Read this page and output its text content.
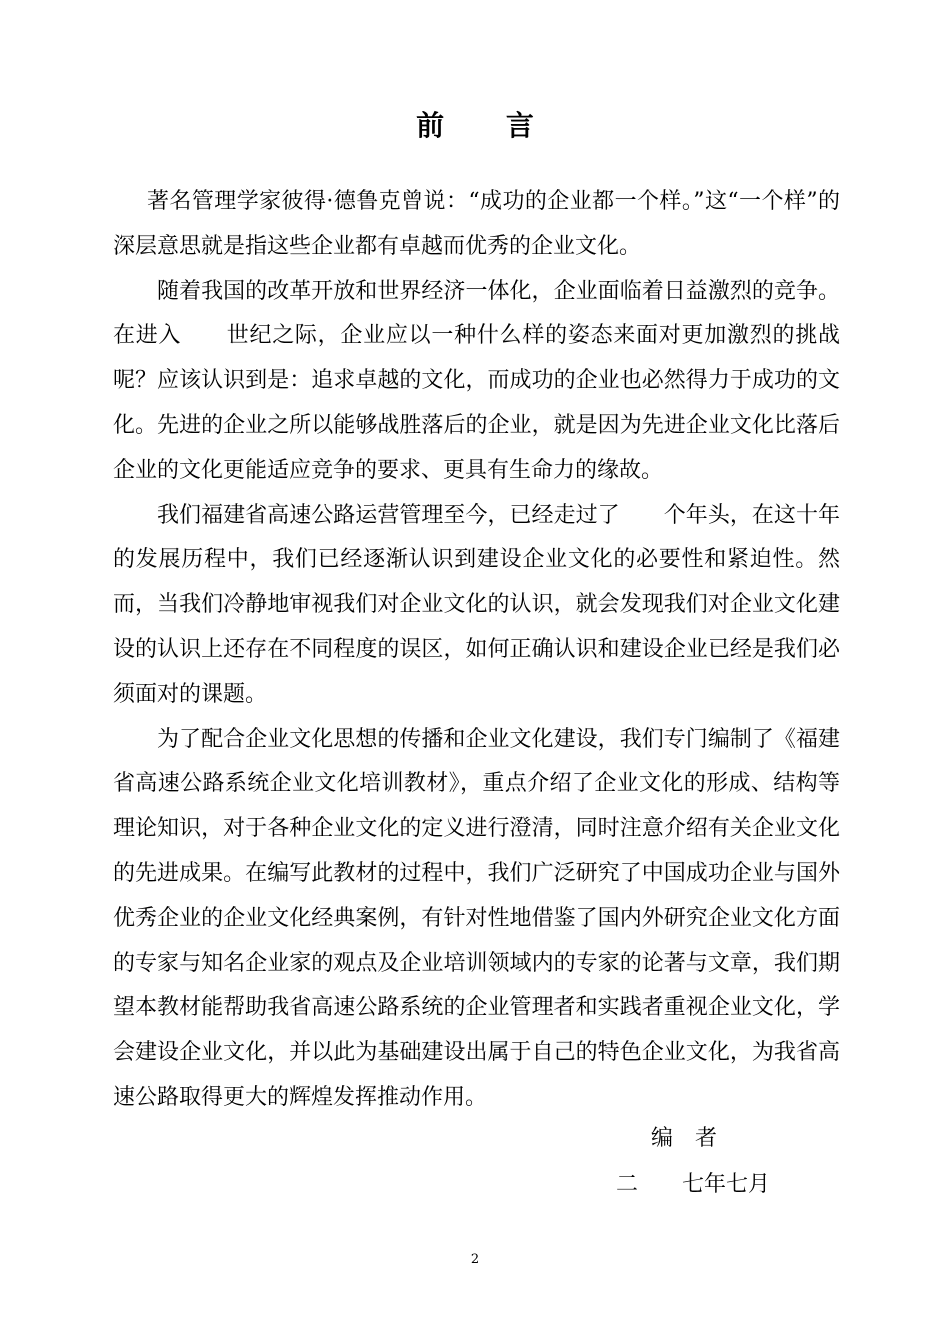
前 言

著名管理学家彼得·德鲁克曾说：“成功的企业都一个样。”这“一个样”的深层意思就是指这些企业都有卓越而优秀的企业文化。

随着我国的改革开放和世界经济一体化，企业面临着日益激烈的竞争。在进入　　世纪之际，企业应以一种什么样的姿态来面对更加激烈的挑战呢？应该认识到是：追求卓越的文化，而成功的企业也必然得力于成功的文化。先进的企业之所以能够战胜落后的企业，就是因为先进企业文化比落后企业的文化更能适应竞争的要求、更具有生命力的缘故。

我们福建省高速公路运营管理至今，已经走过了　　个年头，在这十年的发展历程中，我们已经逐渐认识到建设企业文化的必要性和紧迫性。然而，当我们冷静地审视我们对企业文化的认识，就会发现我们对企业文化建设的认识上还存在不同程度的误区，如何正确认识和建设企业已经是我们必须面对的课题。

为了配合企业文化思想的传播和企业文化建设，我们专门编制了《福建省高速公路系统企业文化培训教材》，重点介绍了企业文化的形成、结构等理论知识，对于各种企业文化的定义进行澄清，同时注意介绍有关企业文化的先进成果。在编写此教材的过程中，我们广泛研究了中国成功企业与国外优秀企业的企业文化经典案例，有针对性地借鉴了国内外研究企业文化方面的专家与知名企业家的观点及企业培训领域内的专家的论著与文章，我们期望本教材能帮助我省高速公路系统的企业管理者和实践者重视企业文化，学会建设企业文化，并以此为基础建设出属于自己的特色企业文化，为我省高速公路取得更大的辉煌发挥推动作用。

编者
二　　七年七月
2
